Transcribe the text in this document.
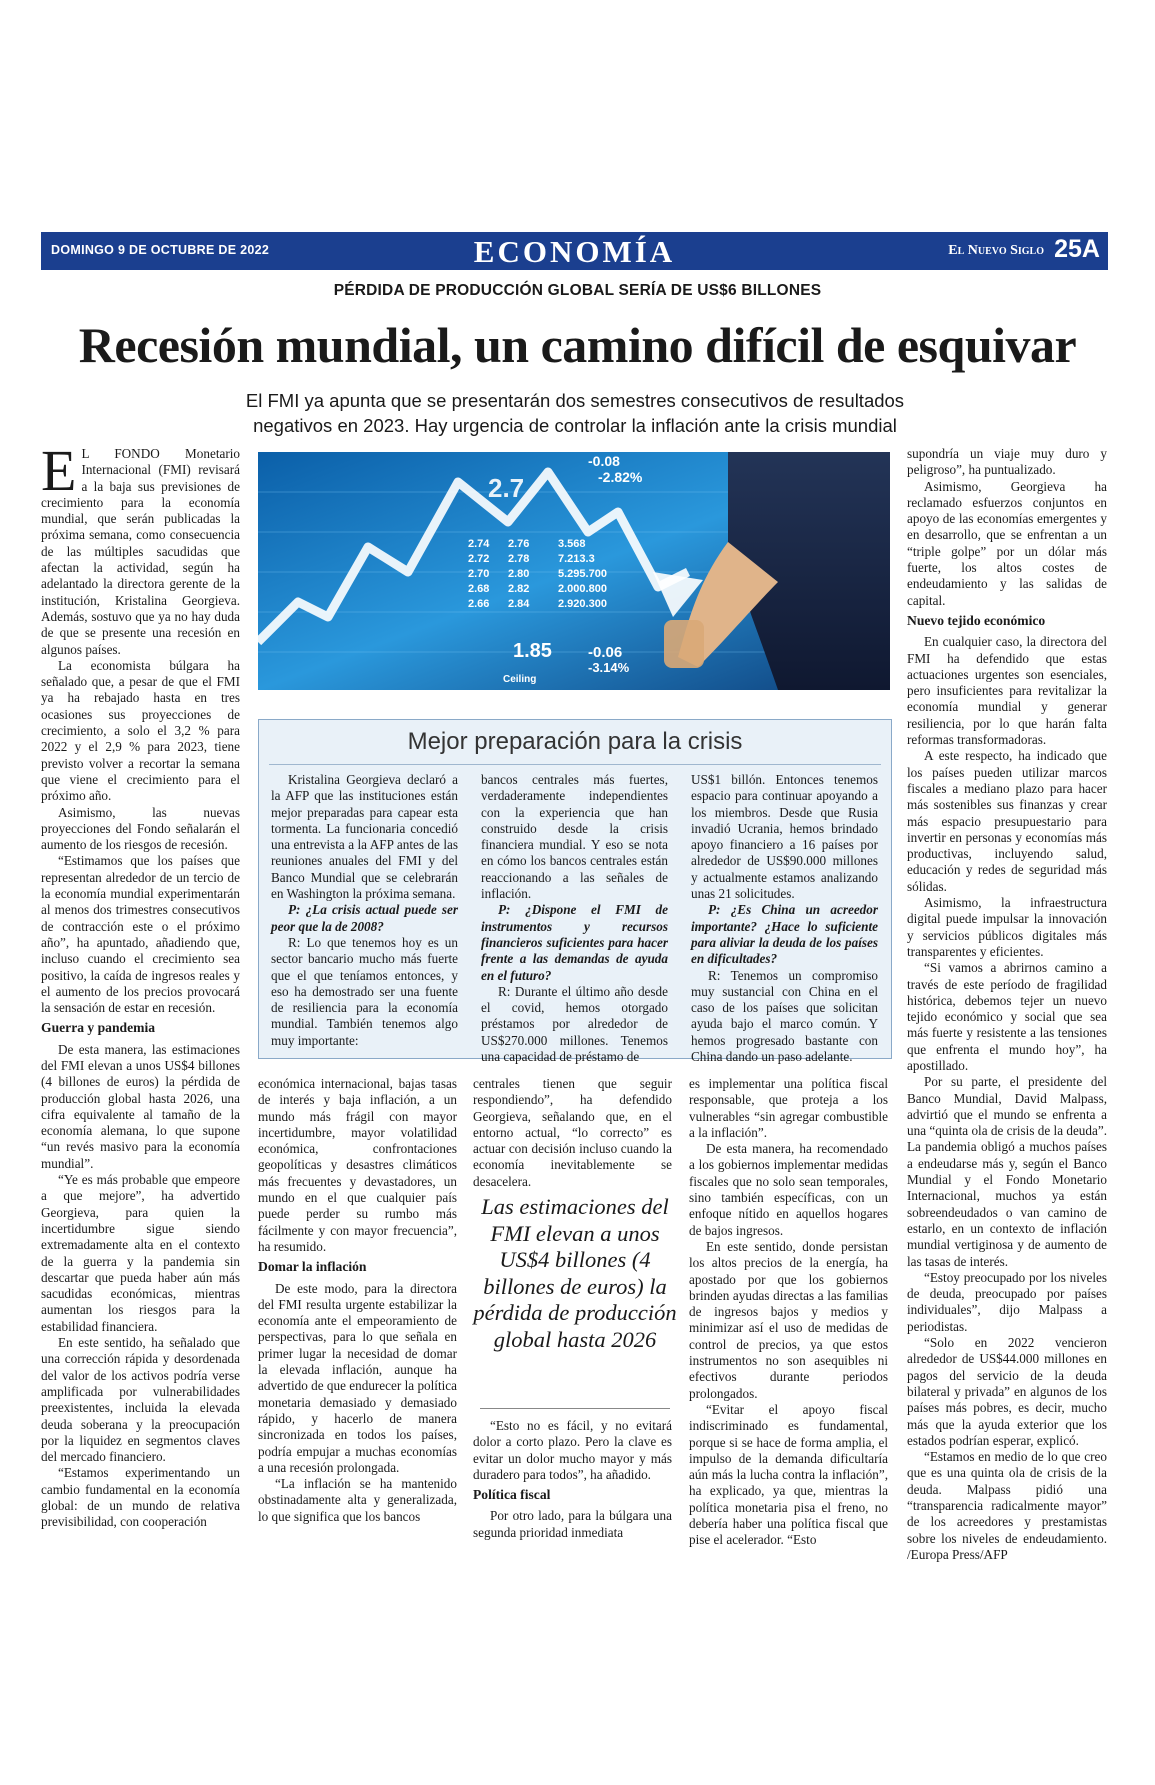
DOMINGO 9 DE OCTUBRE DE 2022	ECONOMÍA	El Nuevo Siglo 25A
PÉRDIDA DE PRODUCCIÓN GLOBAL SERÍA DE US$6 BILLONES
Recesión mundial, un camino difícil de esquivar
El FMI ya apunta que se presentarán dos semestres consecutivos de resultados negativos en 2023. Hay urgencia de controlar la inflación ante la crisis mundial

E L FONDO Monetario Internacional (FMI) revisará a la baja sus previsiones de crecimiento para la economía mundial, que serán publicadas la próxima semana, como consecuencia de las múltiples sacudidas que afectan la actividad, según ha adelantado la directora gerente de la institución, Kristalina Georgieva. Además, sostuvo que ya no hay duda de que se presente una recesión en algunos países.

La economista búlgara ha señalado que, a pesar de que el FMI ya ha rebajado hasta en tres ocasiones sus proyecciones de crecimiento, a solo el 3,2 % para 2022 y el 2,9 % para 2023, tiene previsto volver a recortar la semana que viene el crecimiento para el próximo año.

Asimismo, las nuevas proyecciones del Fondo señalarán el aumento de los riesgos de recesión.

“Estimamos que los países que representan alrededor de un tercio de la economía mundial experimentarán al menos dos trimestres consecutivos de contracción este o el próximo año”, ha apuntado, añadiendo que, incluso cuando el crecimiento sea positivo, la caída de ingresos reales y el aumento de los precios provocará la sensación de estar en recesión.

Guerra y pandemia

De esta manera, las estimaciones del FMI elevan a unos US$4 billones (4 billones de euros) la pérdida de producción global hasta 2026, una cifra equivalente al tamaño de la economía alemana, lo que supone “un revés masivo para la economía mundial”.

“Ye es más probable que empeore a que mejore”, ha advertido Georgieva, para quien la incertidumbre sigue siendo extremadamente alta en el contexto de la guerra y la pandemia sin descartar que pueda haber aún más sacudidas económicas, mientras aumentan los riesgos para la estabilidad financiera.

En este sentido, ha señalado que una corrección rápida y desordenada del valor de los activos podría verse amplificada por vulnerabilidades preexistentes, incluida la elevada deuda soberana y la preocupación por la liquidez en segmentos claves del mercado financiero.

“Estamos experimentando un cambio fundamental en la economía global: de un mundo de relativa previsibilidad, con cooperación

2.7
-0.08
-2.82%
2.74 2.76	3.568
2.72 2.78	7.213.3
2.70 2.80	5.295.700
2.68 2.82	2.000.800
2.66 2.84	2.920.300
1.85 -0.06
-3.14%
Ceiling
Mejor preparación para la crisis

Kristalina Georgieva declaró a la AFP que las instituciones están mejor preparadas para capear esta tormenta. La funcionaria concedió una entrevista a la AFP antes de las reuniones anuales del FMI y del Banco Mundial que se celebrarán en Washington la próxima semana.

P: ¿La crisis actual puede ser peor que la de 2008?

R: Lo que tenemos hoy es un sector bancario mucho más fuerte que el que teníamos entonces, y eso ha demostrado ser una fuente de resiliencia para la economía mundial. También tenemos algo muy importante:

bancos centrales más fuertes, verdaderamente independientes con la experiencia que han construido desde la crisis financiera mundial. Y eso se nota en cómo los bancos centrales están reaccionando a las señales de inflación.

P: ¿Dispone el FMI de instrumentos y recursos financieros suficientes para hacer frente a las demandas de ayuda en el futuro?

R: Durante el último año desde el covid, hemos otorgado préstamos por alrededor de US$270.000 millones. Tenemos una capacidad de préstamo de

US$1 billón. Entonces tenemos espacio para continuar apoyando a los miembros. Desde que Rusia invadió Ucrania, hemos brindado apoyo financiero a 16 países por alrededor de US$90.000 millones y actualmente estamos analizando unas 21 solicitudes.

P: ¿Es China un acreedor importante? ¿Hace lo suficiente para aliviar la deuda de los países en dificultades?

R: Tenemos un compromiso muy sustancial con China en el caso de los países que solicitan ayuda bajo el marco común. Y hemos progresado bastante con China dando un paso adelante.

económica internacional, bajas tasas de interés y baja inflación, a un mundo más frágil con mayor incertidumbre, mayor volatilidad económica, confrontaciones geopolíticas y desastres climáticos más frecuentes y devastadores, un mundo en el que cualquier país puede perder su rumbo más fácilmente y con mayor frecuencia”, ha resumido.

Domar la inflación

De este modo, para la directora del FMI resulta urgente estabilizar la economía ante el empeoramiento de perspectivas, para lo que señala en primer lugar la necesidad de domar la elevada inflación, aunque ha advertido de que endurecer la política monetaria demasiado y demasiado rápido, y hacerlo de manera sincronizada en todos los países, podría empujar a muchas economías a una recesión prolongada.

“La inflación se ha mantenido obstinadamente alta y generalizada, lo que significa que los bancos

centrales tienen que seguir respondiendo”, ha defendido Georgieva, señalando que, en el entorno actual, “lo correcto” es actuar con decisión incluso cuando la economía inevitablemente se desacelera.

Las estimaciones del FMI elevan a unos US$4 billones (4 billones de euros) la pérdida de producción global hasta 2026

“Esto no es fácil, y no evitará dolor a corto plazo. Pero la clave es evitar un dolor mucho mayor y más duradero para todos”, ha añadido.

Política fiscal

Por otro lado, para la búlgara una segunda prioridad inmediata

es implementar una política fiscal responsable, que proteja a los vulnerables “sin agregar combustible a la inflación”.

De esta manera, ha recomendado a los gobiernos implementar medidas fiscales que no solo sean temporales, sino también específicas, con un enfoque nítido en aquellos hogares de bajos ingresos.

En este sentido, donde persistan los altos precios de la energía, ha apostado por que los gobiernos brinden ayudas directas a las familias de ingresos bajos y medios y minimizar así el uso de medidas de control de precios, ya que estos instrumentos no son asequibles ni efectivos durante periodos prolongados.

“Evitar el apoyo fiscal indiscriminado es fundamental, porque si se hace de forma amplia, el impulso de la demanda dificultaría aún más la lucha contra la inflación”, ha explicado, ya que, mientras la política monetaria pisa el freno, no debería haber una política fiscal que pise el acelerador. “Esto

supondría un viaje muy duro y peligroso”, ha puntualizado.

Asimismo, Georgieva ha reclamado esfuerzos conjuntos en apoyo de las economías emergentes y en desarrollo, que se enfrentan a un “triple golpe” por un dólar más fuerte, los altos costes de endeudamiento y las salidas de capital.

Nuevo tejido económico

En cualquier caso, la directora del FMI ha defendido que estas actuaciones urgentes son esenciales, pero insuficientes para revitalizar la economía mundial y generar resiliencia, por lo que harán falta reformas transformadoras.

A este respecto, ha indicado que los países pueden utilizar marcos fiscales a mediano plazo para hacer más sostenibles sus finanzas y crear más espacio presupuestario para invertir en personas y economías más productivas, incluyendo salud, educación y redes de seguridad más sólidas.

Asimismo, la infraestructura digital puede impulsar la innovación y servicios públicos digitales más transparentes y eficientes.

“Si vamos a abrirnos camino a través de este período de fragilidad histórica, debemos tejer un nuevo tejido económico y social que sea más fuerte y resistente a las tensiones que enfrenta el mundo hoy”, ha apostillado.

Por su parte, el presidente del Banco Mundial, David Malpass, advirtió que el mundo se enfrenta a una “quinta ola de crisis de la deuda”. La pandemia obligó a muchos países a endeudarse más y, según el Banco Mundial y el Fondo Monetario Internacional, muchos ya están sobreendeudados o van camino de estarlo, en un contexto de inflación mundial vertiginosa y de aumento de las tasas de interés.

“Estoy preocupado por los niveles de deuda, preocupado por países individuales”, dijo Malpass a periodistas.

“Solo en 2022 vencieron alrededor de US$44.000 millones en pagos del servicio de la deuda bilateral y privada” en algunos de los países más pobres, es decir, mucho más que la ayuda exterior que los estados podrían esperar, explicó.

“Estamos en medio de lo que creo que es una quinta ola de crisis de la deuda. Malpass pidió una “transparencia radicalmente mayor” de los acreedores y prestamistas sobre los niveles de endeudamiento. /Europa Press/AFP
